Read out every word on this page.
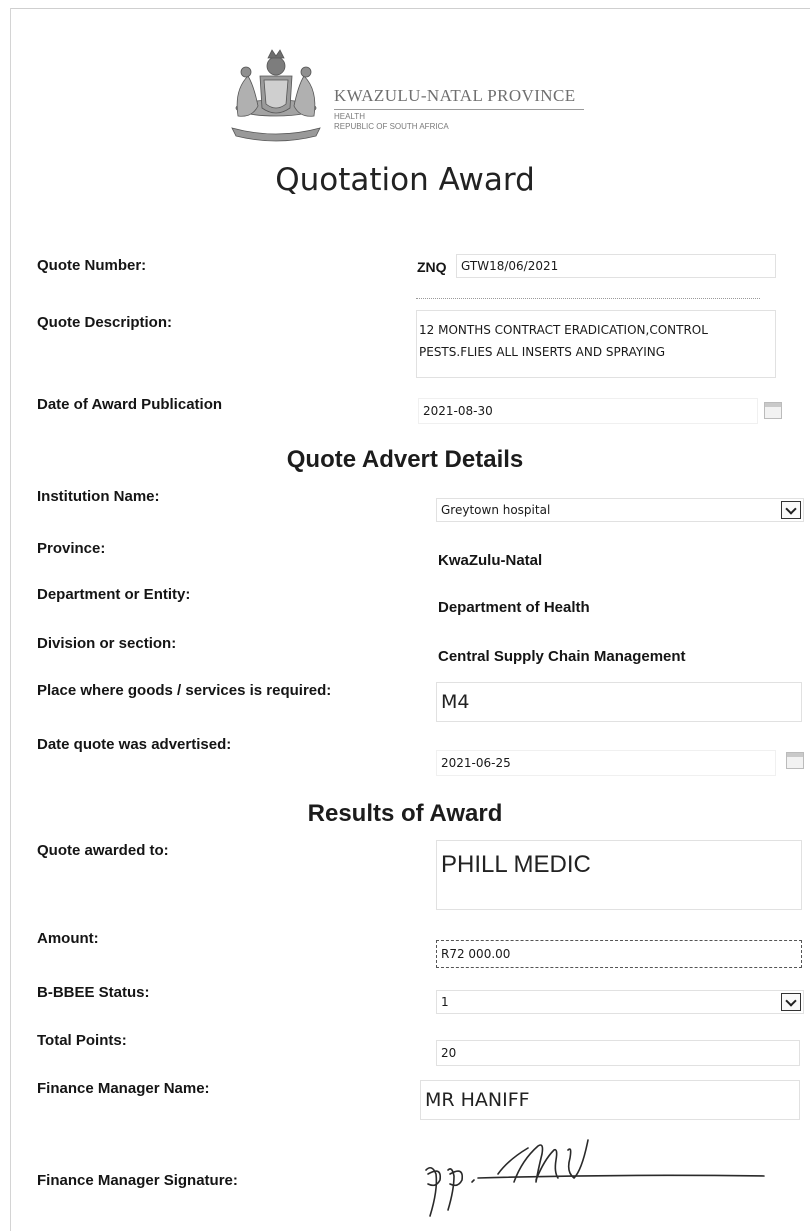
KWAZULU-NATAL PROVINCE
HEALTH
REPUBLIC OF SOUTH AFRICA
Quotation Award
Quote Number:	ZNQ GTW18/06/2021
Quote Description:	12 MONTHS CONTRACT ERADICATION,CONTROL
PESTS.FLIES ALL INSERTS AND SPRAYING
Date of Award Publication	2021-08-30
Quote Advert Details
Institution Name:
Greytown hospital
Province:
KwaZulu-Natal
Department or Entity:
Department of Health
Division or section:
Central Supply Chain Management
Place where goods / services is required:
M4
Date quote was advertised:
2021-06-25
Results of Award
Quote awarded to:
PHILL MEDIC
Amount:
R72 000.00
B-BBEE Status:
1
Total Points:
20
Finance Manager Name:
MR HANIFF
Finance Manager Signature:
